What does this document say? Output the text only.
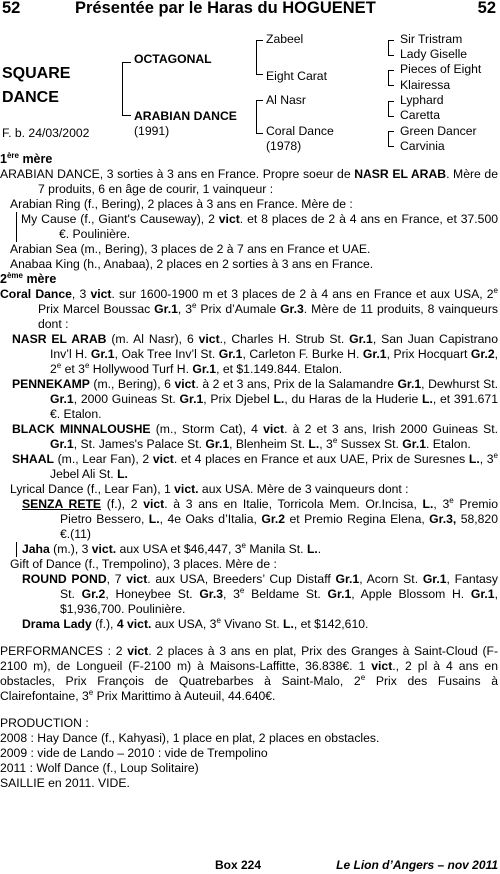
52	Présentée par le Haras du HOGUENET	52
SQUARE
DANCE
F. b. 24/03/2002
OCTAGONAL
ARABIAN DANCE
(1991)
Zabeel
Eight Carat
Al Nasr
Coral Dance
(1978)
Sir Tristram
Lady Giselle
Pieces of Eight
Klairessa
Lyphard
Caretta
Green Dancer
Carvinia

1ère mère

ARABIAN DANCE, 3 sorties à 3 ans en France. Propre soeur de NASR EL ARAB. Mère de 7 produits, 6 en âge de courir, 1 vainqueur :

Arabian Ring (f., Bering), 2 places à 3 ans en France. Mère de :

My Cause (f., Giant's Causeway), 2 vict. et 8 places de 2 à 4 ans en France, et 37.500 €. Poulinière.

Arabian Sea (m., Bering), 3 places de 2 à 7 ans en France et UAE.

Anabaa King (h., Anabaa), 2 places en 2 sorties à 3 ans en France.

2ème mère

Coral Dance, 3 vict. sur 1600-1900 m et 3 places de 2 à 4 ans en France et aux USA, 2e Prix Marcel Boussac Gr.1, 3e Prix d’Aumale Gr.3. Mère de 11 produits, 8 vainqueurs dont :

NASR EL ARAB (m. Al Nasr), 6 vict., Charles H. Strub St. Gr.1, San Juan Capistrano Inv’l H. Gr.1, Oak Tree Inv’l St. Gr.1, Carleton F. Burke H. Gr.1, Prix Hocquart Gr.2, 2e et 3e Hollywood Turf H. Gr.1, et $1.149.844. Etalon.

PENNEKAMP (m., Bering), 6 vict. à 2 et 3 ans, Prix de la Salamandre Gr.1, Dewhurst St. Gr.1, 2000 Guineas St. Gr.1, Prix Djebel L., du Haras de la Huderie L., et 391.671 €. Etalon.

BLACK MINNALOUSHE (m., Storm Cat), 4 vict. à 2 et 3 ans, Irish 2000 Guineas St. Gr.1, St. James's Palace St. Gr.1, Blenheim St. L., 3e Sussex St. Gr.1. Etalon.

SHAAL (m., Lear Fan), 2 vict. et 4 places en France et aux UAE, Prix de Suresnes L., 3e Jebel Ali St. L.

Lyrical Dance (f., Lear Fan), 1 vict. aux USA. Mère de 3 vainqueurs dont :

SENZA RETE (f.), 2 vict. à 3 ans en Italie, Torricola Mem. Or.Incisa, L., 3e Premio Pietro Bessero, L., 4e Oaks d’Italia, Gr.2 et Premio Regina Elena, Gr.3, 58,820 €.(11)

Jaha (m.), 3 vict. aux USA et $46,447, 3e Manila St. L..

Gift of Dance (f., Trempolino), 3 places. Mère de :

ROUND POND, 7 vict. aux USA, Breeders’ Cup Distaff Gr.1, Acorn St. Gr.1, Fantasy St. Gr.2, Honeybee St. Gr.3, 3e Beldame St. Gr.1, Apple Blossom H. Gr.1, $1,936,700. Poulinière.

Drama Lady (f.), 4 vict. aux USA, 3e Vivano St. L., et $142,610.

PERFORMANCES : 2 vict. 2 places à 3 ans en plat, Prix des Granges à Saint-Cloud (F-2100 m), de Longueil (F-2100 m) à Maisons-Laffitte, 36.838€. 1 vict., 2 pl à 4 ans en obstacles, Prix François de Quatrebarbes à Saint-Malo, 2e Prix des Fusains à Clairefontaine, 3e Prix Marittimo à Auteuil, 44.640€.

PRODUCTION :

2008 : Hay Dance (f., Kahyasi), 1 place en plat, 2 places en obstacles.

2009 : vide de Lando – 2010 : vide de Trempolino

2011 : Wolf Dance (f., Loup Solitaire)

SAILLIE en 2011. VIDE.

Box 224	Le Lion d’Angers – nov 2011
